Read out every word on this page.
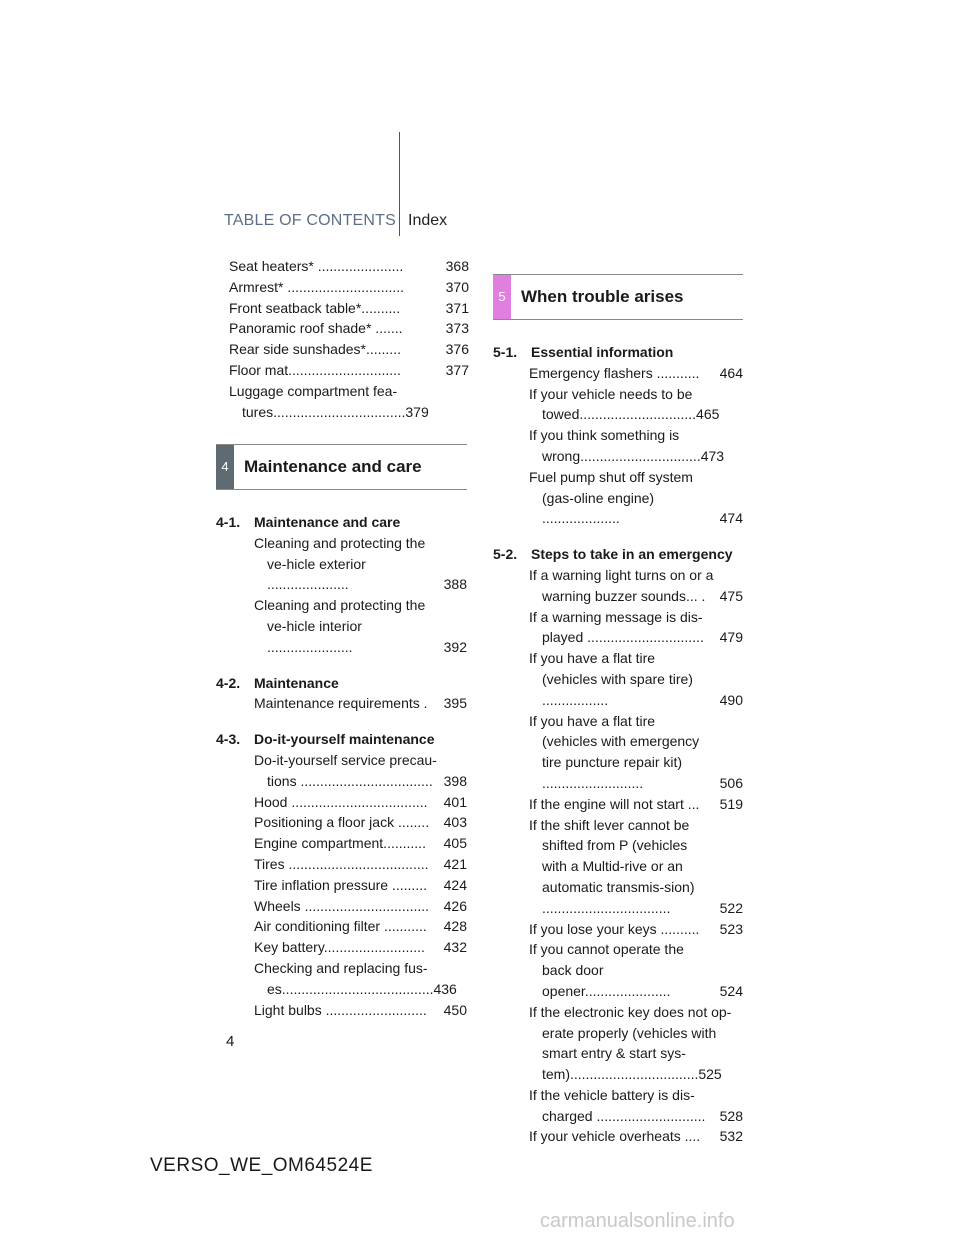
TABLE OF CONTENTS Index
Seat heaters* ......................	368
Armrest* ..............................	370
Front seatback table*..........	371
Panoramic roof shade* .......	373
Rear side sunshades*.........	376
Floor mat.............................	377
Luggage compartment fea-tures..................................379
4 Maintenance and care
4-1. Maintenance and care
Cleaning and protecting the ve-hicle exterior .....................	388
Cleaning and protecting the ve-hicle interior ......................	392
4-2. Maintenance
Maintenance requirements . 395
4-3. Do-it-yourself maintenance
Do-it-yourself service precau-tions .................................. 398
Hood ................................... 401
Positioning a floor jack ........ 403
Engine compartment........... 405
Tires .................................... 421
Tire inflation pressure ......... 424
Wheels ................................ 426
Air conditioning filter ........... 428
Key battery.......................... 432
Checking and replacing fus-es.......................................436
Light bulbs .......................... 450
5 When trouble arises
5-1. Essential information
Emergency flashers ........... 464
If your vehicle needs to be towed..............................465
If you think something is wrong...............................473
Fuel pump shut off system (gas-oline engine) ....................	474
5-2. Steps to take in an emergency
If a warning light turns on or a warning buzzer sounds... .	475
If a warning message is dis-played ..............................	479
If you have a flat tire (vehicles with spare tire) .................	490
If you have a flat tire (vehicles with emergency tire puncture repair kit) ..........................	506
If the engine will not start ... 519
If the shift lever cannot be shifted from P (vehicles with a Multid-rive or an automatic transmis-sion) .................................	522
If you lose your keys .......... 523
If you cannot operate the back door opener......................	524
If the electronic key does not op-erate properly (vehicles with smart entry & start sys-tem).................................525
If the vehicle battery is dis-charged ............................	528
If your vehicle overheats .... 532
4
VERSO_WE_OM64524E
carmanualsonline.info
